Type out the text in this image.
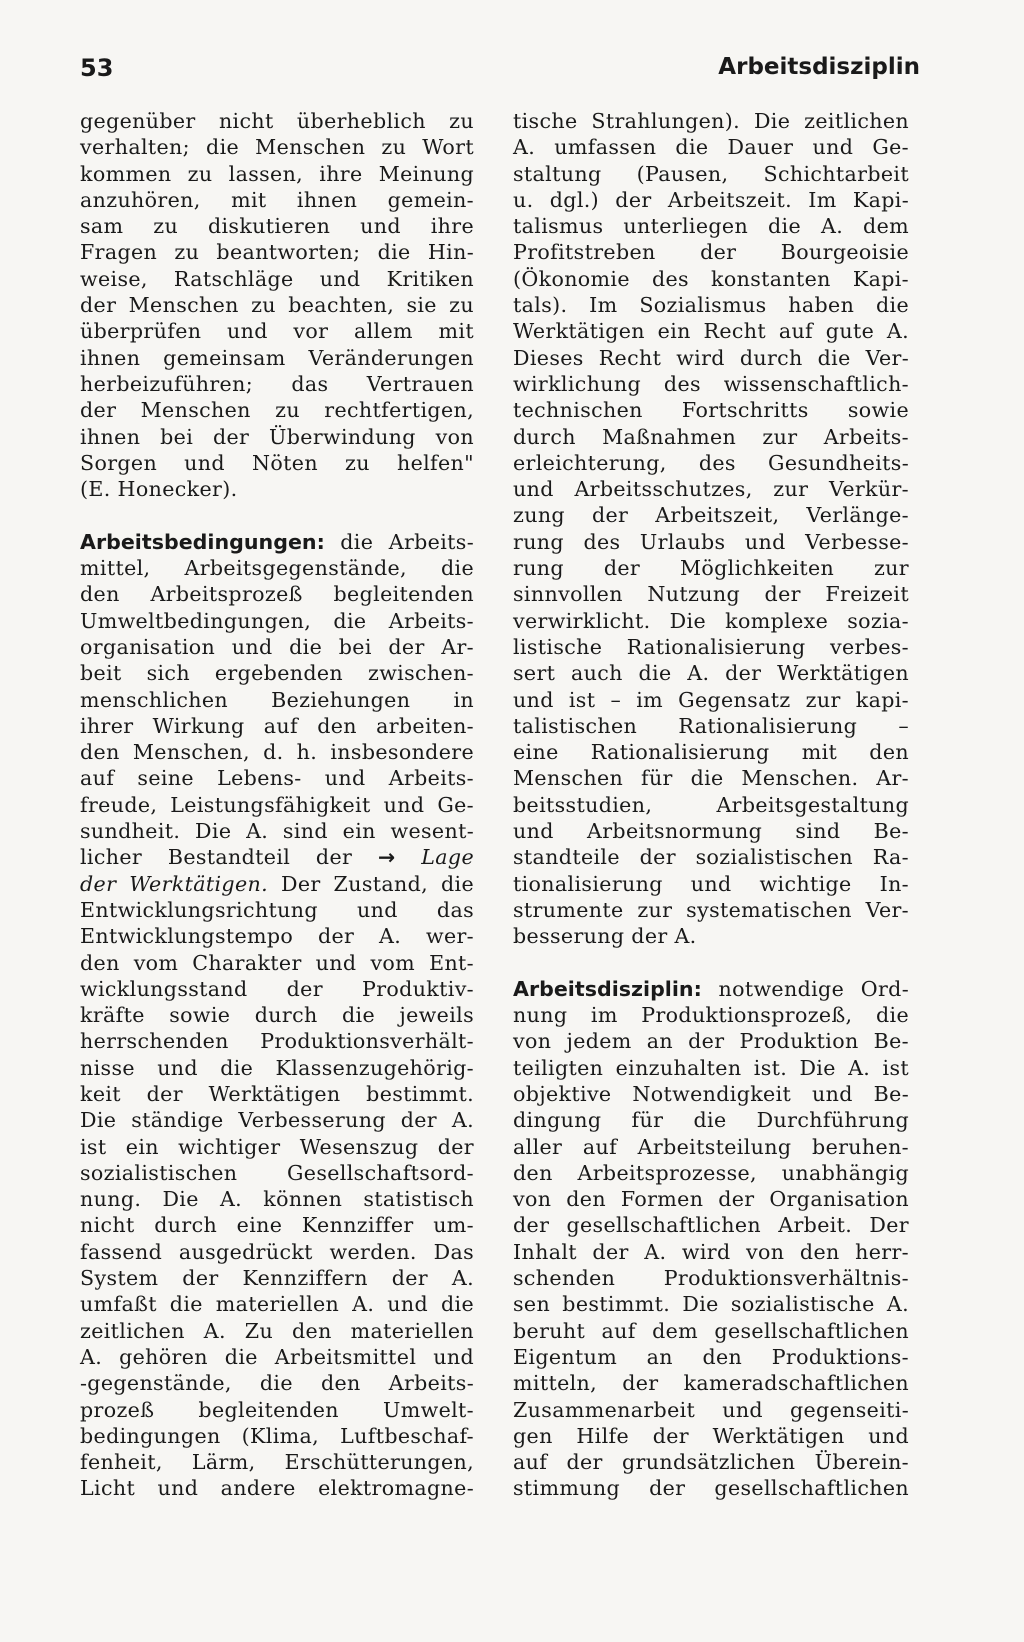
53	Arbeitsdisziplin
gegenüber nicht überheblich zu
verhalten; die Menschen zu Wort
kommen zu lassen, ihre Meinung
anzuhören, mit ihnen gemein-
sam zu diskutieren und ihre
Fragen zu beantworten; die Hin-
weise, Ratschläge und Kritiken
der Menschen zu beachten, sie zu
überprüfen und vor allem mit
ihnen gemeinsam Veränderungen
herbeizuführen; das Vertrauen
der Menschen zu rechtfertigen,
ihnen bei der Überwindung von
Sorgen und Nöten zu helfen"
(E. Honecker).
Arbeitsbedingungen: die Arbeits-
mittel, Arbeitsgegenstände, die
den Arbeitsprozeß begleitenden
Umweltbedingungen, die Arbeits-
organisation und die bei der Ar-
beit sich ergebenden zwischen-
menschlichen Beziehungen in
ihrer Wirkung auf den arbeiten-
den Menschen, d. h. insbesondere
auf seine Lebens- und Arbeits-
freude, Leistungsfähigkeit und Ge-
sundheit. Die A. sind ein wesent-
licher Bestandteil der → Lage
der Werktätigen. Der Zustand, die
Entwicklungsrichtung und das
Entwicklungstempo der A. wer-
den vom Charakter und vom Ent-
wicklungsstand der Produktiv-
kräfte sowie durch die jeweils
herrschenden Produktionsverhält-
nisse und die Klassenzugehörig-
keit der Werktätigen bestimmt.
Die ständige Verbesserung der A.
ist ein wichtiger Wesenszug der
sozialistischen Gesellschaftsord-
nung. Die A. können statistisch
nicht durch eine Kennziffer um-
fassend ausgedrückt werden. Das
System der Kennziffern der A.
umfaßt die materiellen A. und die
zeitlichen A. Zu den materiellen
A. gehören die Arbeitsmittel und
-gegenstände, die den Arbeits-
prozeß begleitenden Umwelt-
bedingungen (Klima, Luftbeschaf-
fenheit, Lärm, Erschütterungen,
Licht und andere elektromagne-
tische Strahlungen). Die zeitlichen
A. umfassen die Dauer und Ge-
staltung (Pausen, Schichtarbeit
u. dgl.) der Arbeitszeit. Im Kapi-
talismus unterliegen die A. dem
Profitstreben der Bourgeoisie
(Ökonomie des konstanten Kapi-
tals). Im Sozialismus haben die
Werktätigen ein Recht auf gute A.
Dieses Recht wird durch die Ver-
wirklichung des wissenschaftlich-
technischen Fortschritts sowie
durch Maßnahmen zur Arbeits-
erleichterung, des Gesundheits-
und Arbeitsschutzes, zur Verkür-
zung der Arbeitszeit, Verlänge-
rung des Urlaubs und Verbesse-
rung der Möglichkeiten zur
sinnvollen Nutzung der Freizeit
verwirklicht. Die komplexe sozia-
listische Rationalisierung verbes-
sert auch die A. der Werktätigen
und ist – im Gegensatz zur kapi-
talistischen Rationalisierung –
eine Rationalisierung mit den
Menschen für die Menschen. Ar-
beitsstudien, Arbeitsgestaltung
und Arbeitsnormung sind Be-
standteile der sozialistischen Ra-
tionalisierung und wichtige In-
strumente zur systematischen Ver-
besserung der A.
Arbeitsdisziplin: notwendige Ord-
nung im Produktionsprozeß, die
von jedem an der Produktion Be-
teiligten einzuhalten ist. Die A. ist
objektive Notwendigkeit und Be-
dingung für die Durchführung
aller auf Arbeitsteilung beruhen-
den Arbeitsprozesse, unabhängig
von den Formen der Organisation
der gesellschaftlichen Arbeit. Der
Inhalt der A. wird von den herr-
schenden Produktionsverhältnis-
sen bestimmt. Die sozialistische A.
beruht auf dem gesellschaftlichen
Eigentum an den Produktions-
mitteln, der kameradschaftlichen
Zusammenarbeit und gegenseiti-
gen Hilfe der Werktätigen und
auf der grundsätzlichen Überein-
stimmung der gesellschaftlichen
